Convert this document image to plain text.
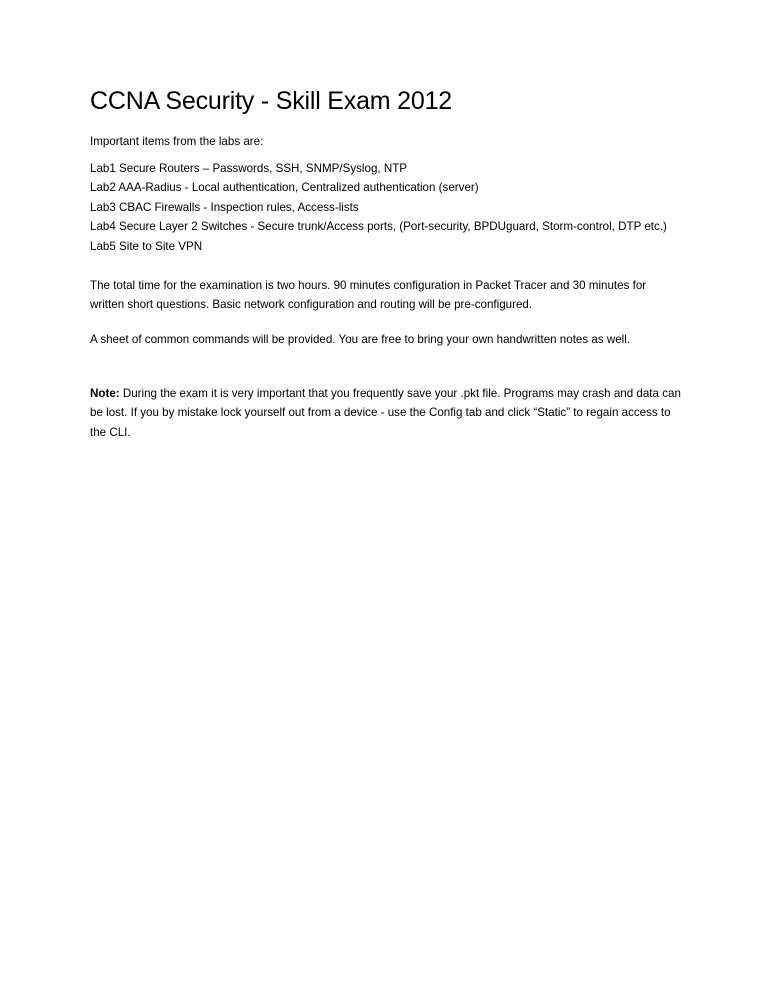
CCNA Security - Skill Exam 2012

Important items from the labs are:

Lab1 Secure Routers – Passwords, SSH, SNMP/Syslog, NTP
Lab2 AAA-Radius - Local authentication, Centralized authentication (server)
Lab3 CBAC Firewalls - Inspection rules, Access-lists
Lab4 Secure Layer 2 Switches - Secure trunk/Access ports, (Port-security, BPDUguard, Storm-control, DTP etc.)
Lab5 Site to Site VPN

The total time for the examination is two hours. 90 minutes configuration in Packet Tracer and 30 minutes for written short questions. Basic network configuration and routing will be pre-configured.

A sheet of common commands will be provided. You are free to bring your own handwritten notes as well.

Note: During the exam it is very important that you frequently save your .pkt file. Programs may crash and data can be lost. If you by mistake lock yourself out from a device - use the Config tab and click “Static” to regain access to the CLI.
